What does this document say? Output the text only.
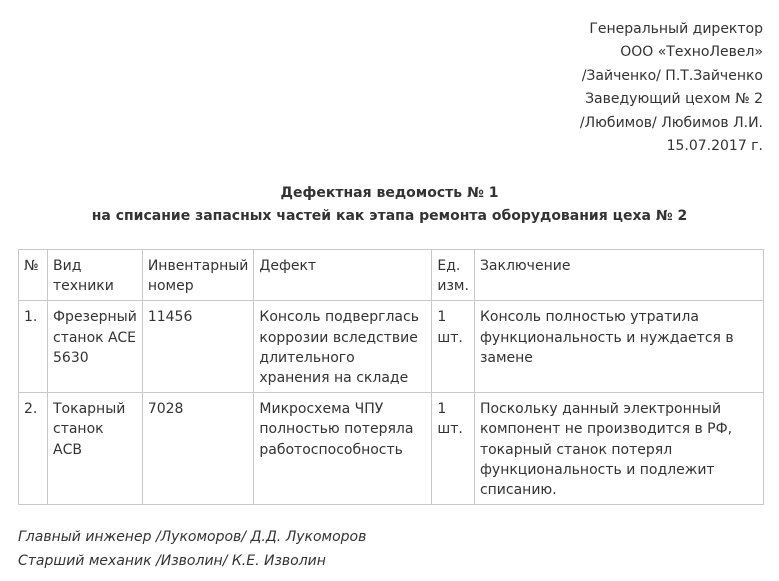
Генеральный директор
ООО «ТехноЛевел»
/Зайченко/ П.Т.Зайченко
Заведующий цехом № 2
/Любимов/ Любимов Л.И.
15.07.2017 г.
Дефектная ведомость № 1
на списание запасных частей как этапа ремонта оборудования цеха № 2
№	Вид техники	Инвентарный номер	Дефект	Ед. изм.	Заключение
1.	Фрезерный станок ACE 5630	11456	Консоль подверглась коррозии вследствие длительного хранения на складе	1 шт.	Консоль полностью утратила функциональность и нуждается в замене
2.	Токарный станок АСВ	7028	Микросхема ЧПУ полностью потеряла работоспособность	1 шт.	Поскольку данный электронный компонент не производится в РФ, токарный станок потерял функциональность и подлежит списанию.
Главный инженер /Лукоморов/ Д.Д. Лукоморов
Старший механик /Изволин/ К.Е. Изволин
